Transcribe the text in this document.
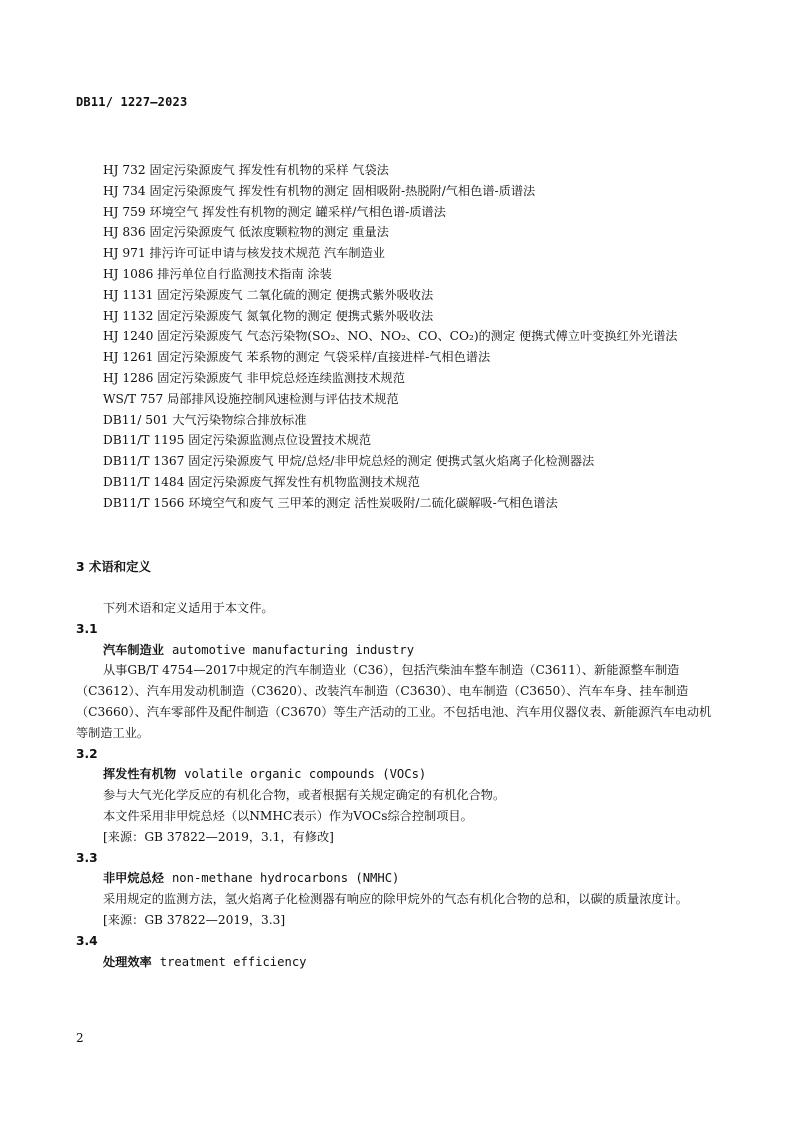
DB11/ 1227—2023
HJ 732 固定污染源废气 挥发性有机物的采样 气袋法
HJ 734 固定污染源废气 挥发性有机物的测定 固相吸附-热脱附/气相色谱-质谱法
HJ 759 环境空气 挥发性有机物的测定 罐采样/气相色谱-质谱法
HJ 836 固定污染源废气 低浓度颗粒物的测定 重量法
HJ 971 排污许可证申请与核发技术规范 汽车制造业
HJ 1086 排污单位自行监测技术指南 涂装
HJ 1131 固定污染源废气 二氧化硫的测定 便携式紫外吸收法
HJ 1132 固定污染源废气 氮氧化物的测定 便携式紫外吸收法
HJ 1240 固定污染源废气 气态污染物(SO₂、NO、NO₂、CO、CO₂)的测定 便携式傅立叶变换红外光谱法
HJ 1261 固定污染源废气 苯系物的测定 气袋采样/直接进样-气相色谱法
HJ 1286 固定污染源废气 非甲烷总烃连续监测技术规范
WS/T 757 局部排风设施控制风速检测与评估技术规范
DB11/ 501 大气污染物综合排放标准
DB11/T 1195 固定污染源监测点位设置技术规范
DB11/T 1367 固定污染源废气 甲烷/总烃/非甲烷总烃的测定 便携式氢火焰离子化检测器法
DB11/T 1484 固定污染源废气挥发性有机物监测技术规范
DB11/T 1566 环境空气和废气 三甲苯的测定 活性炭吸附/二硫化碳解吸-气相色谱法
3 术语和定义
下列术语和定义适用于本文件。
3.1
汽车制造业 automotive manufacturing industry
从事GB/T 4754—2017中规定的汽车制造业（C36），包括汽柴油车整车制造（C3611）、新能源整车制造（C3612）、汽车用发动机制造（C3620）、改装汽车制造（C3630）、电车制造（C3650）、汽车车身、挂车制造（C3660）、汽车零部件及配件制造（C3670）等生产活动的工业。不包括电池、汽车用仪器仪表、新能源汽车电动机等制造工业。
3.2
挥发性有机物 volatile organic compounds (VOCs)
参与大气光化学反应的有机化合物，或者根据有关规定确定的有机化合物。
本文件采用非甲烷总烃（以NMHC表示）作为VOCs综合控制项目。
[来源：GB 37822—2019，3.1，有修改]
3.3
非甲烷总烃 non-methane hydrocarbons (NMHC)
采用规定的监测方法，氢火焰离子化检测器有响应的除甲烷外的气态有机化合物的总和，以碳的质量浓度计。
[来源：GB 37822—2019，3.3]
3.4
处理效率 treatment efficiency
2
